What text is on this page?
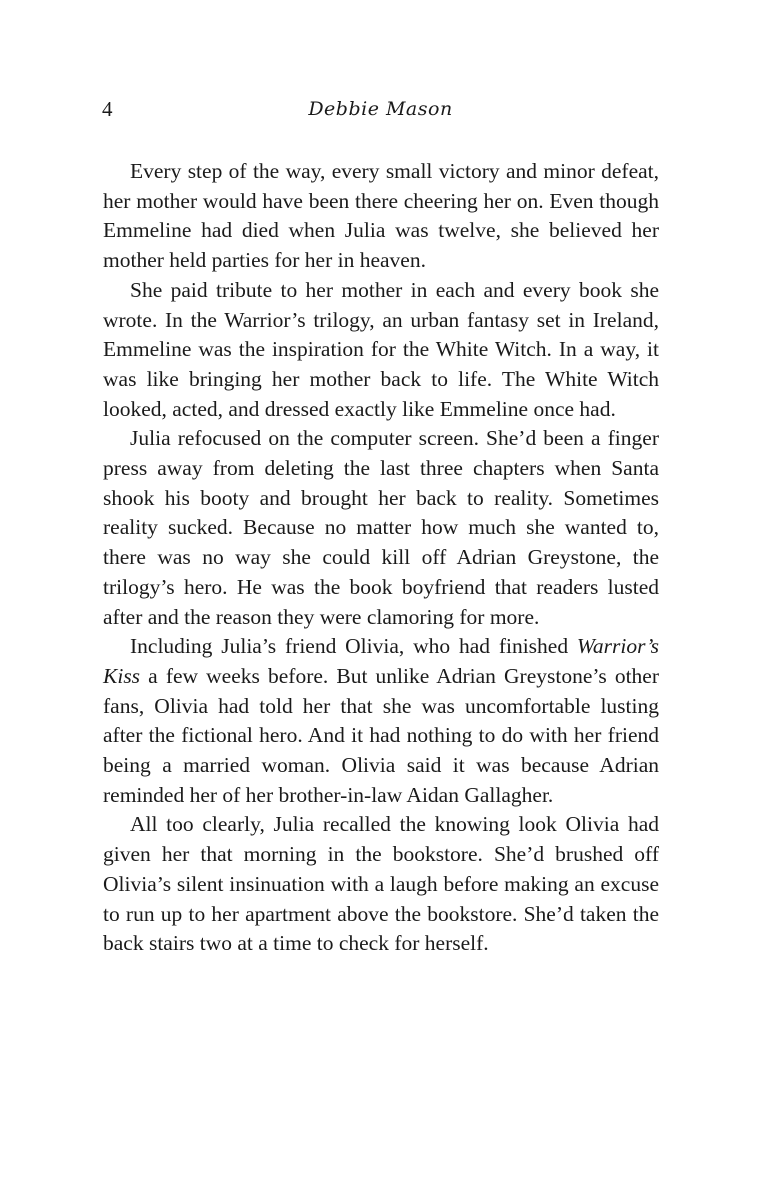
4	Debbie Mason

Every step of the way, every small victory and minor defeat, her mother would have been there cheering her on. Even though Emmeline had died when Julia was twelve, she believed her mother held parties for her in heaven.

She paid tribute to her mother in each and every book she wrote. In the Warrior’s trilogy, an urban fantasy set in Ireland, Emmeline was the inspiration for the White Witch. In a way, it was like bringing her mother back to life. The White Witch looked, acted, and dressed exactly like Emmeline once had.

Julia refocused on the computer screen. She’d been a finger press away from deleting the last three chapters when Santa shook his booty and brought her back to reality. Sometimes reality sucked. Because no matter how much she wanted to, there was no way she could kill off Adrian Greystone, the trilogy’s hero. He was the book boyfriend that readers lusted after and the reason they were clamoring for more.

Including Julia’s friend Olivia, who had finished Warrior’s Kiss a few weeks before. But unlike Adrian Greystone’s other fans, Olivia had told her that she was uncomfortable lusting after the fictional hero. And it had nothing to do with her friend being a married woman. Olivia said it was because Adrian reminded her of her brother-in-law Aidan Gallagher.

All too clearly, Julia recalled the knowing look Olivia had given her that morning in the bookstore. She’d brushed off Olivia’s silent insinuation with a laugh before making an excuse to run up to her apartment above the bookstore. She’d taken the back stairs two at a time to check for herself.
